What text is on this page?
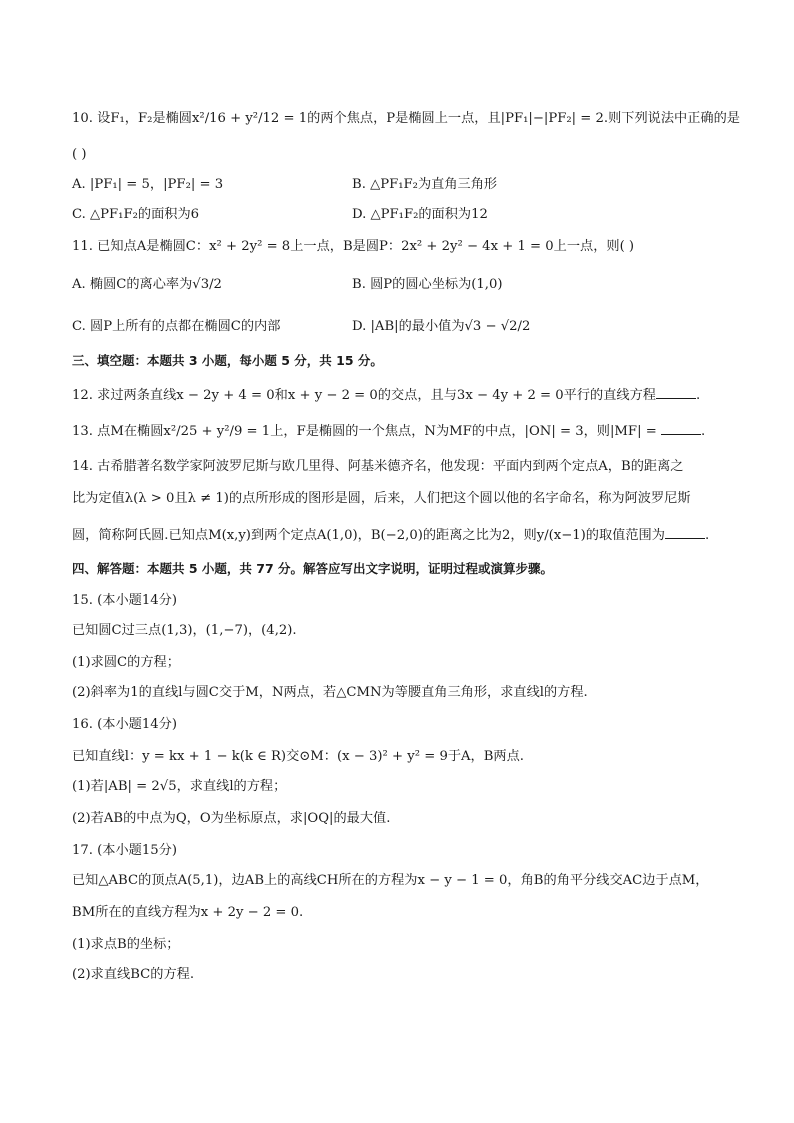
10. 设F₁，F₂是椭圆x²/16 + y²/12 = 1的两个焦点，P是椭圆上一点，且|PF₁|−|PF₂| = 2.则下列说法中正确的是
( )
A. |PF₁| = 5，|PF₂| = 3	B. △PF₁F₂为直角三角形
C. △PF₁F₂的面积为6	D. △PF₁F₂的面积为12
11. 已知点A是椭圆C：x² + 2y² = 8上一点，B是圆P：2x² + 2y² − 4x + 1 = 0上一点，则( )
A. 椭圆C的离心率为√3/2	B. 圆P的圆心坐标为(1,0)
C. 圆P上所有的点都在椭圆C的内部	D. |AB|的最小值为√3 − √2/2
三、填空题：本题共 3 小题，每小题 5 分，共 15 分。
12. 求过两条直线x − 2y + 4 = 0和x + y − 2 = 0的交点，且与3x − 4y + 2 = 0平行的直线方程	.
13. 点M在椭圆x²/25 + y²/9 = 1上，F是椭圆的一个焦点，N为MF的中点，|ON| = 3，则|MF| =	.
14. 古希腊著名数学家阿波罗尼斯与欧几里得、阿基米德齐名，他发现：平面内到两个定点A，B的距离之
比为定值λ(λ > 0且λ ≠ 1)的点所形成的图形是圆，后来，人们把这个圆以他的名字命名，称为阿波罗尼斯
圆，简称阿氏圆.已知点M(x,y)到两个定点A(1,0)，B(−2,0)的距离之比为2，则y/(x−1)的取值范围为	.
四、解答题：本题共 5 小题，共 77 分。解答应写出文字说明，证明过程或演算步骤。
15. (本小题14分)
已知圆C过三点(1,3)，(1,−7)，(4,2).
(1)求圆C的方程；
(2)斜率为1的直线l与圆C交于M，N两点，若△CMN为等腰直角三角形，求直线l的方程.
16. (本小题14分)
已知直线l：y = kx + 1 − k(k ∈ R)交⊙M：(x − 3)² + y² = 9于A，B两点.
(1)若|AB| = 2√5，求直线l的方程；
(2)若AB的中点为Q，O为坐标原点，求|OQ|的最大值.
17. (本小题15分)
已知△ABC的顶点A(5,1)，边AB上的高线CH所在的方程为x − y − 1 = 0，角B的角平分线交AC边于点M，
BM所在的直线方程为x + 2y − 2 = 0.
(1)求点B的坐标；
(2)求直线BC的方程.
